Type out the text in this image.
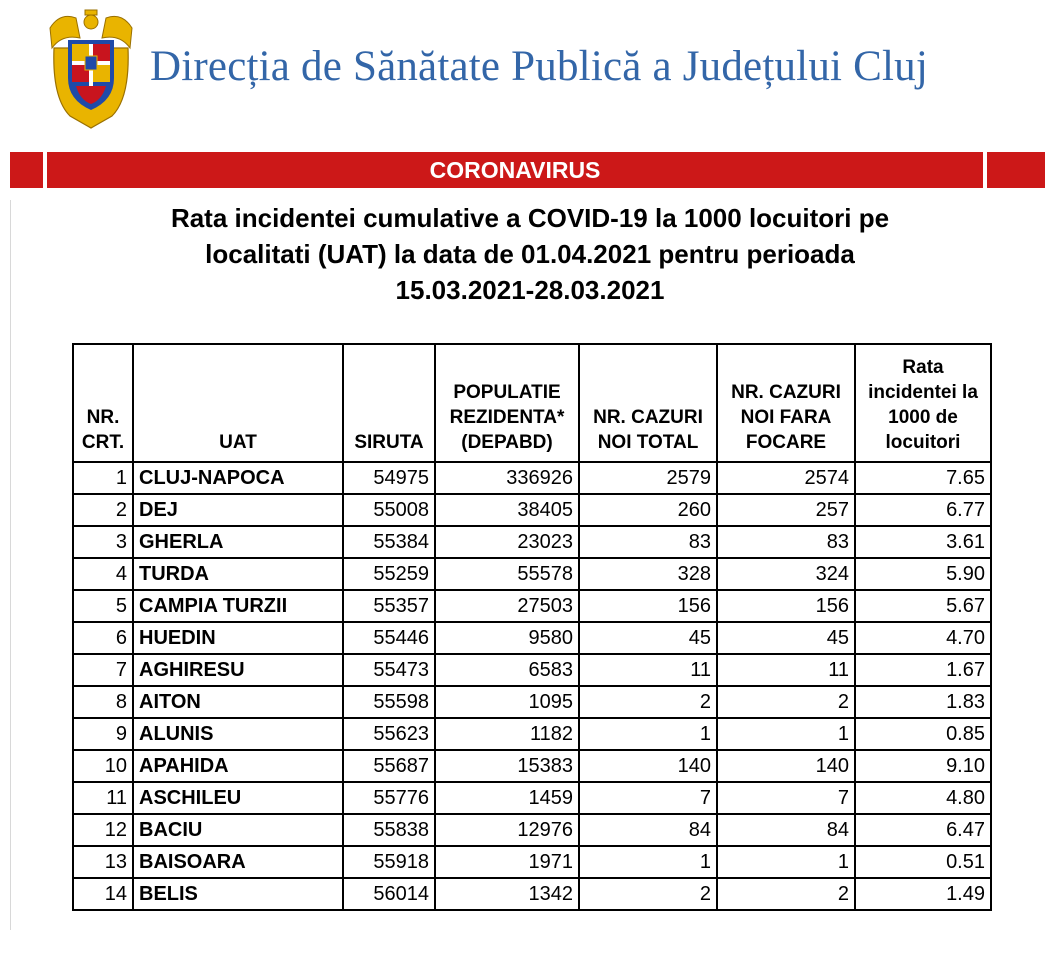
Direcția de Sănătate Publică a Județului Cluj
CORONAVIRUS
Rata incidentei cumulative a COVID-19 la 1000 locuitori pe
localitati (UAT) la data de 01.04.2021 pentru perioada
15.03.2021-28.03.2021
NR. CRT.	UAT	SIRUTA	POPULATIE REZIDENTA* (DEPABD)	NR. CAZURI NOI TOTAL	NR. CAZURI NOI FARA FOCARE	Rata incidentei la 1000 de locuitori
1	CLUJ-NAPOCA	54975	336926	2579	2574	7.65
2	DEJ	55008	38405	260	257	6.77
3	GHERLA	55384	23023	83	83	3.61
4	TURDA	55259	55578	328	324	5.90
5	CAMPIA TURZII	55357	27503	156	156	5.67
6	HUEDIN	55446	9580	45	45	4.70
7	AGHIRESU	55473	6583	11	11	1.67
8	AITON	55598	1095	2	2	1.83
9	ALUNIS	55623	1182	1	1	0.85
10	APAHIDA	55687	15383	140	140	9.10
11	ASCHILEU	55776	1459	7	7	4.80
12	BACIU	55838	12976	84	84	6.47
13	BAISOARA	55918	1971	1	1	0.51
14	BELIS	56014	1342	2	2	1.49
